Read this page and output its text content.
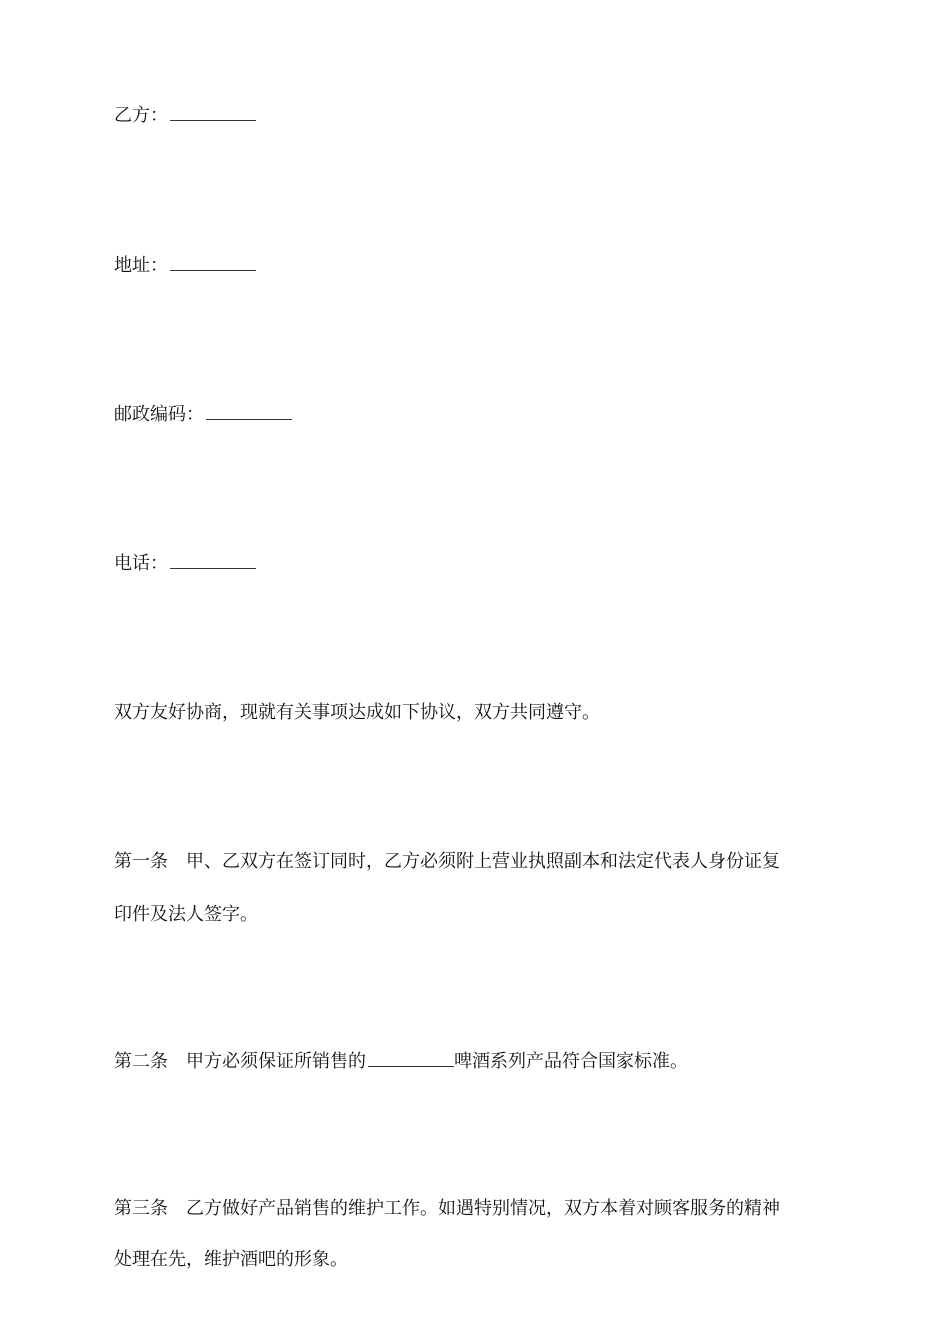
乙方：
地址：
邮政编码：
电话：
双方友好协商，现就有关事项达成如下协议，双方共同遵守。
第一条 甲、乙双方在签订同时，乙方必须附上营业执照副本和法定代表人身份证复
印件及法人签字。
第二条 甲方必须保证所销售的	啤酒系列产品符合国家标准。
第三条 乙方做好产品销售的维护工作。如遇特别情况，双方本着对顾客服务的精神
处理在先，维护酒吧的形象。
